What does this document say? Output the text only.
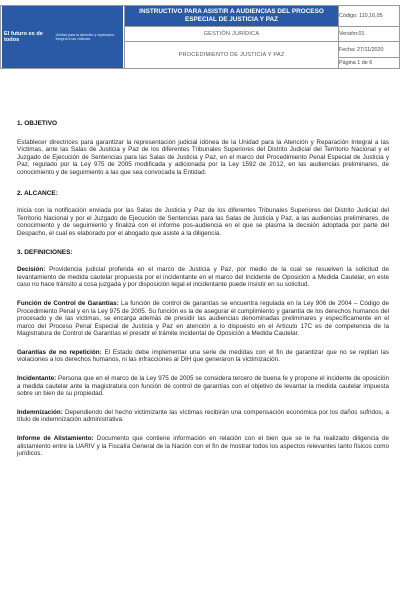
El futuro es de todos
Unidad para la atención y reparación integral a las víctimas	INSTRUCTIVO PARA ASISTIR A AUDIENCIAS DEL PROCESO ESPECIAL DE JUSTICIA Y PAZ	Código: 110,16,05
	GESTIÓN JURÍDICA	Versión:01
	PROCEDIMIENTO DE JUSTICIA Y PAZ	Fecha: 27/11/2020
		Página 1 de 6
1. OBJETIVO

Establecer directrices para garantizar la representación judicial idónea de la Unidad para la Atención y Reparación Integral a las Víctimas, ante las Salas de Justicia y Paz de los diferentes Tribunales Superiores del Distrito Judicial del Territorio Nacional y el Juzgado de Ejecución de Sentencias para las Salas de Justicia y Paz, en el marco del Procedimiento Penal Especial de Justicia y Paz, regulado por la Ley 975 de 2005 modificada y adicionada por la Ley 1592 de 2012, en las audiencias preliminares, de conocimiento y de seguimiento a las que sea convocada la Entidad.

2. ALCANCE:

Inicia con la notificación enviada por las Salas de Justicia y Paz de los diferentes Tribunales Superiores del Distrito Judicial del Territorio Nacional y por el Juzgado de Ejecución de Sentencias para las Salas de Justicia y Paz, a las audiencias preliminares, de conocimiento y de seguimiento y finaliza con el informe pos-audiencia en el que se plasma la decisión adoptada por parte del Despacho, el cual es elaborado por el abogado que asiste a la diligencia.

3. DEFINICIONES:

Decisión: Providencia judicial proferida en el marco de Justicia y Paz, por medio de la cual se resuelven la solicitud de levantamiento de medida cautelar propuesta por el incidentante en el marco del Incidente de Oposición a Medida Cautelar, en este caso no hace tránsito a cosa juzgada y por disposición legal el incidentante puede insistir en su solicitud.

Función de Control de Garantías: La función de control de garantías se encuentra regulada en la Ley 906 de 2004 – Código de Procedimiento Penal y en la Ley 975 de 2005. Su función es la de asegurar el cumplimiento y garantía de los derechos humanos del procesado y de las víctimas, se encarga además de presidir las audiencias denominadas preliminares y específicamente en el marco del Proceso Penal Especial de Justicia y Paz en atención a lo dispuesto en el Artículo 17C es de competencia de la Magistratura de Control de Garantías el presidir el trámite incidental de Oposición a Medida Cautelar.

Garantías de no repetición: El Estado debe implementar una serie de medidas con el fin de garantizar que no se repitan las violaciones a los derechos humanos, ni las infracciones al DIH que generaron la victimización.

Incidentante: Persona que en el marco de la Ley 975 de 2005 se considera tercero de buena fe y propone el incidente de oposición a medida cautelar ante la magistratura con función de control de garantías con el objetivo de levantar la medida cautelar impuesta sobre un bien de su propiedad.

Indemnización: Dependiendo del hecho victimizante las víctimas recibirán una compensación económica por los daños sufridos, a título de indemnización administrativa.

Informe de Alistamiento: Documento que contiene información en relación con el bien que se le ha realizado diligencia de alistamiento entre la UARIV y la Fiscalía General de la Nación con el fin de mostrar todos los aspectos relevantes tanto físicos como jurídicos.
